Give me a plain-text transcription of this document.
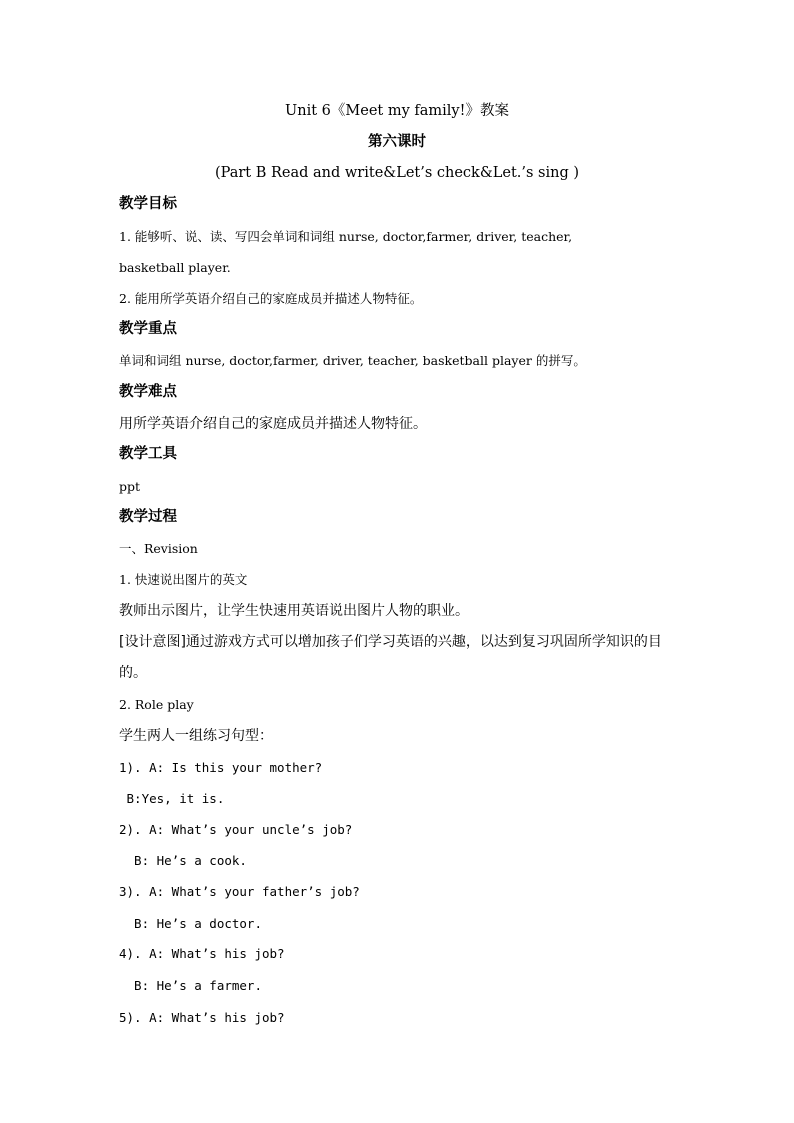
Unit 6《Meet my family!》教案
第六课时
(Part B Read and write&Let’s check&Let.’s sing )
教学目标
1. 能够听、说、读、写四会单词和词组 nurse, doctor,farmer, driver, teacher,
basketball player.
2. 能用所学英语介绍自己的家庭成员并描述人物特征。
教学重点
单词和词组 nurse, doctor,farmer, driver, teacher, basketball player 的拼写。
教学难点
用所学英语介绍自己的家庭成员并描述人物特征。
教学工具
ppt
教学过程
一、Revision
1. 快速说出图片的英文
教师出示图片，让学生快速用英语说出图片人物的职业。
[设计意图]通过游戏方式可以增加孩子们学习英语的兴趣，以达到复习巩固所学知识的目
的。
2. Role play
学生两人一组练习句型：
1). A: Is this your mother?
B:Yes, it is.
2). A: What’s your uncle’s job?
B: He’s a cook.
3). A: What’s your father’s job?
B: He’s a doctor.
4). A: What’s his job?
B: He’s a farmer.
5). A: What’s his job?
